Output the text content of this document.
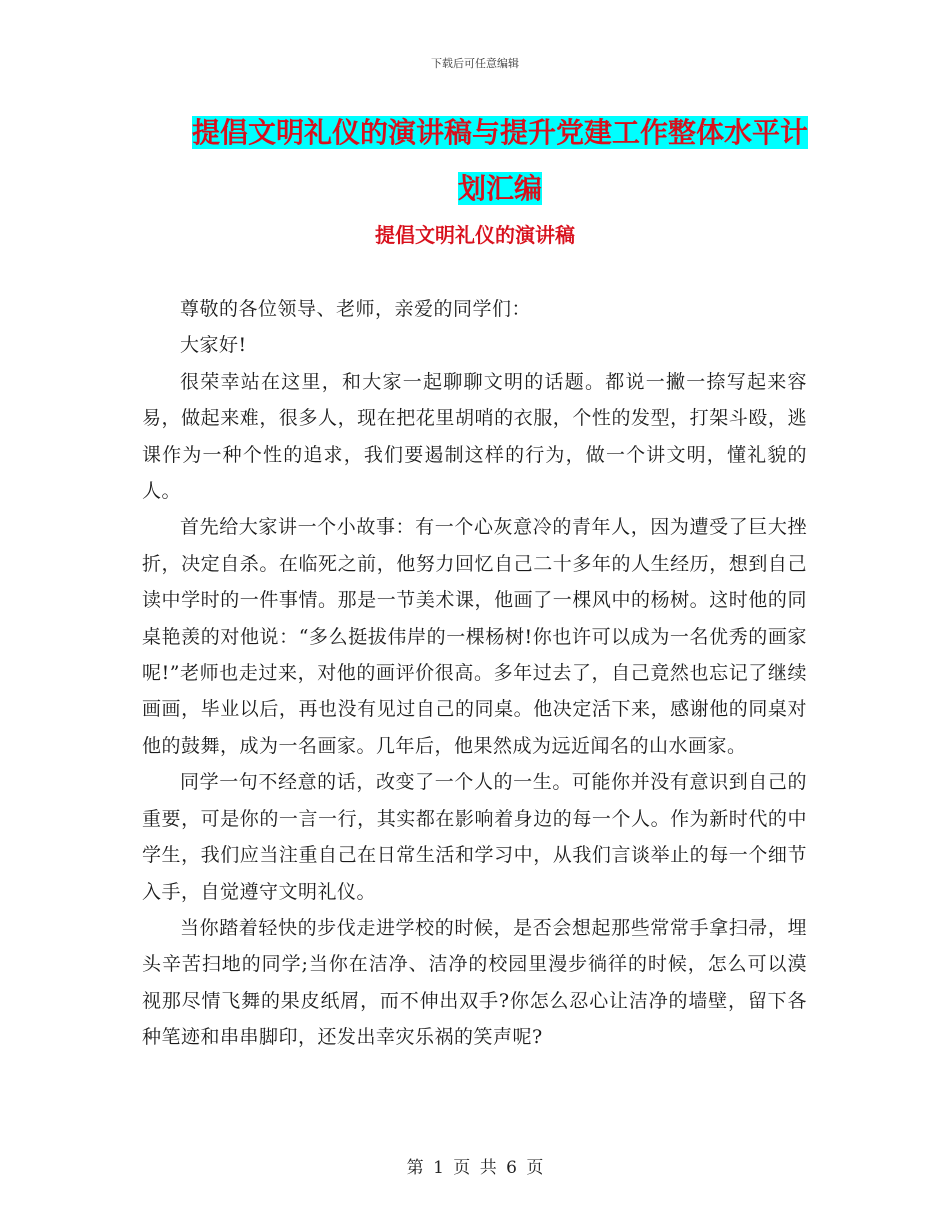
下载后可任意编辑
提倡文明礼仪的演讲稿与提升党建工作整体水平计划汇编
提倡文明礼仪的演讲稿

尊敬的各位领导、老师，亲爱的同学们：

大家好!

很荣幸站在这里，和大家一起聊聊文明的话题。都说一撇一捺写起来容易，做起来难，很多人，现在把花里胡哨的衣服，个性的发型，打架斗殴，逃课作为一种个性的追求，我们要遏制这样的行为，做一个讲文明，懂礼貌的人。

首先给大家讲一个小故事：有一个心灰意冷的青年人，因为遭受了巨大挫折，决定自杀。在临死之前，他努力回忆自己二十多年的人生经历，想到自己读中学时的一件事情。那是一节美术课，他画了一棵风中的杨树。这时他的同桌艳羡的对他说：“多么挺拔伟岸的一棵杨树!你也许可以成为一名优秀的画家呢!”老师也走过来，对他的画评价很高。多年过去了，自己竟然也忘记了继续画画，毕业以后，再也没有见过自己的同桌。他决定活下来，感谢他的同桌对他的鼓舞，成为一名画家。几年后，他果然成为远近闻名的山水画家。

同学一句不经意的话，改变了一个人的一生。可能你并没有意识到自己的重要，可是你的一言一行，其实都在影响着身边的每一个人。作为新时代的中学生，我们应当注重自己在日常生活和学习中，从我们言谈举止的每一个细节入手，自觉遵守文明礼仪。

当你踏着轻快的步伐走进学校的时候，是否会想起那些常常手拿扫帚，埋头辛苦扫地的同学;当你在洁净、洁净的校园里漫步徜徉的时候，怎么可以漠视那尽情飞舞的果皮纸屑，而不伸出双手?你怎么忍心让洁净的墙壁，留下各种笔迹和串串脚印，还发出幸灾乐祸的笑声呢?

第 1 页 共 6 页
